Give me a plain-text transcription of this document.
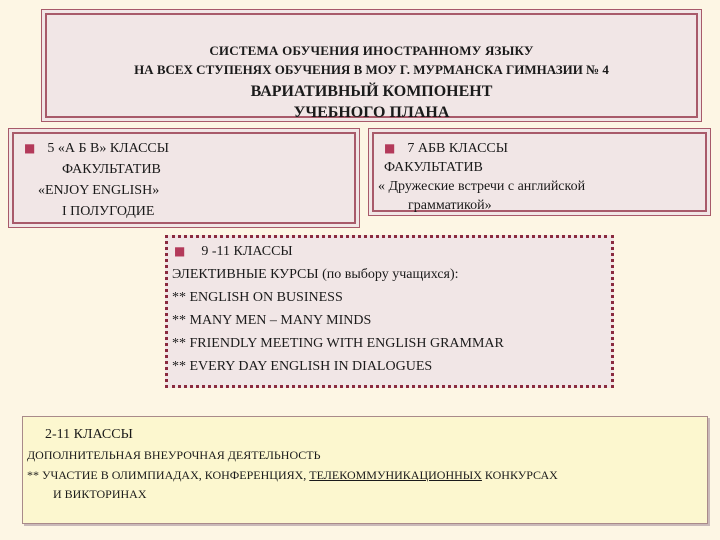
СИСТЕМА ОБУЧЕНИЯ ИНОСТРАННОМУ ЯЗЫКУ
НА ВСЕХ СТУПЕНЯХ ОБУЧЕНИЯ В МОУ Г. МУРМАНСКА ГИМНАЗИИ № 4
ВАРИАТИВНЫЙ КОМПОНЕНТ
УЧЕБНОГО ПЛАНА
■ 5 «А Б В» КЛАССЫ
ФАКУЛЬТАТИВ
«ENJOY ENGLISH»
I ПОЛУГОДИЕ
■ 7 АБВ КЛАССЫ
ФАКУЛЬТАТИВ
« Дружеские встречи с английской
грамматикой»
■ 9 -11 КЛАССЫ
ЭЛЕКТИВНЫЕ КУРСЫ (по выбору учащихся):
** ENGLISH ON BUSINESS
** MANY MEN – MANY MINDS
** FRIENDLY MEETING WITH ENGLISH GRAMMAR
** EVERY DAY ENGLISH IN DIALOGUES
2-11 КЛАССЫ
ДОПОЛНИТЕЛЬНАЯ ВНЕУРОЧНАЯ ДЕЯТЕЛЬНОСТЬ
** УЧАСТИЕ В ОЛИМПИАДАХ, КОНФЕРЕНЦИЯХ, ТЕЛЕКОММУНИКАЦИОННЫХ КОНКУРСАХ
И ВИКТОРИНАХ
